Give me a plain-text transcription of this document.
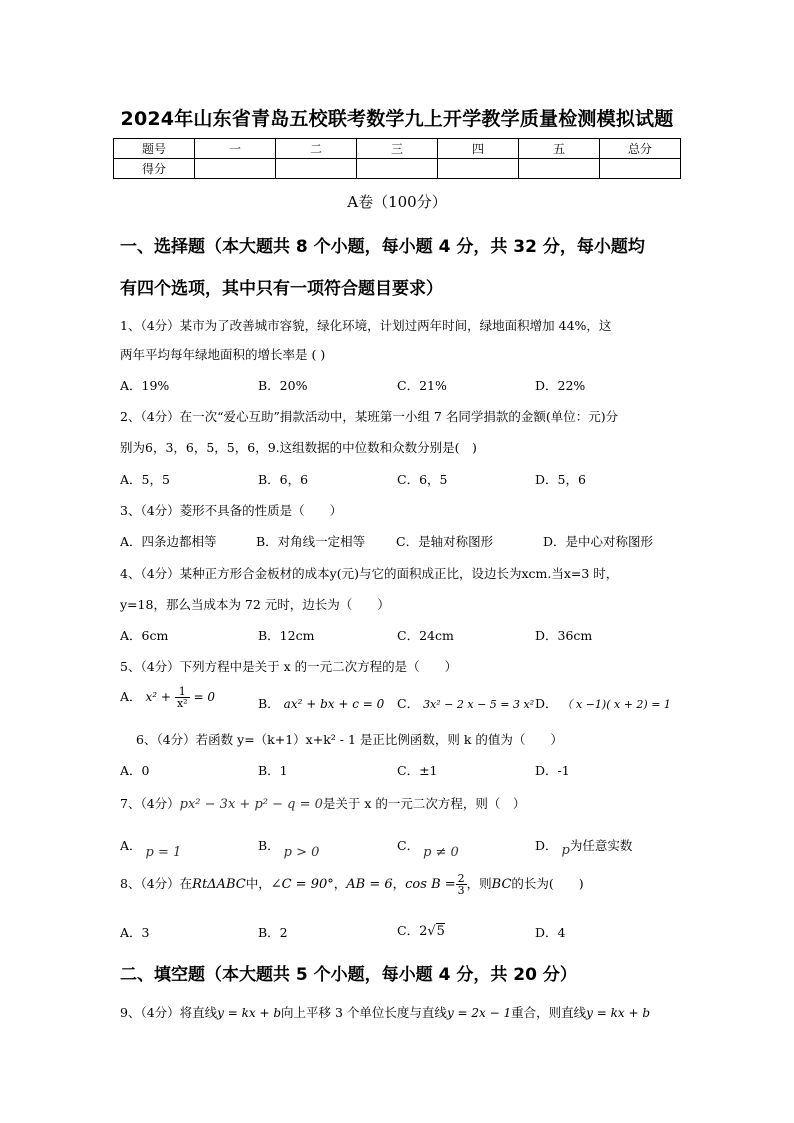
2024年山东省青岛五校联考数学九上开学教学质量检测模拟试题
题号	一	二	三	四	五	总分
得分						
A卷（100分）
一、选择题（本大题共 8 个小题，每小题 4 分，共 32 分，每小题均
有四个选项，其中只有一项符合题目要求）
1、（4分）某市为了改善城市容貌，绿化环境，计划过两年时间，绿地面积增加 44%，这
两年平均每年绿地面积的增长率是 ( )
A．19%	B．20%	C．21%	D．22%
2、（4分）在一次“爱心互助”捐款活动中，某班第一小组 7 名同学捐款的金额(单位：元)分
别为6，3，6，5，5，6，9.这组数据的中位数和众数分别是(　)
A．5，5	B．6，6	C．6，5	D．5，6
3、（4分）菱形不具备的性质是（　　）
A．四条边都相等	B．对角线一定相等 C．是轴对称图形	D．是中心对称图形
4、（4分）某种正方形合金板材的成本y(元)与它的面积成正比，设边长为xcm.当x=3 时，
y=18，那么当成本为 72 元时，边长为（　　）
A．6cm	B．12cm	C．24cm	D．36cm
5、（4分）下列方程中是关于 x 的一元二次方程的是（　　）
A． $x^2 + \frac{1}{\text{x²}} = 0$	B． ax² + bx + c = 0 C． 3x² − 2 x − 5 = 3 x² D． （ x −1)( x + 2) = 1
6、（4分）若函数 y=（k+1）x+k² - 1 是正比例函数，则 k 的值为（　　）
A．0	B．1	C．±1	D．-1
7、（4分）px² − 3x + p² − q = 0是关于 x 的一元二次方程，则（　）
A． p = 1	B． p > 0	C． p ≠ 0	D． p为任意实数
8、（4分）在RtΔABC中，∠C = 90°，AB = 6，$\cos B = \frac{2}{3}$ ，则BC的长为(　　)
A．3	B．2	C．2√5	D．4
二、填空题（本大题共 5 个小题，每小题 4 分，共 20 分）
9、（4分）将直线y = kx + b向上平移 3 个单位长度与直线y = 2x − 1重合，则直线y = kx + b
